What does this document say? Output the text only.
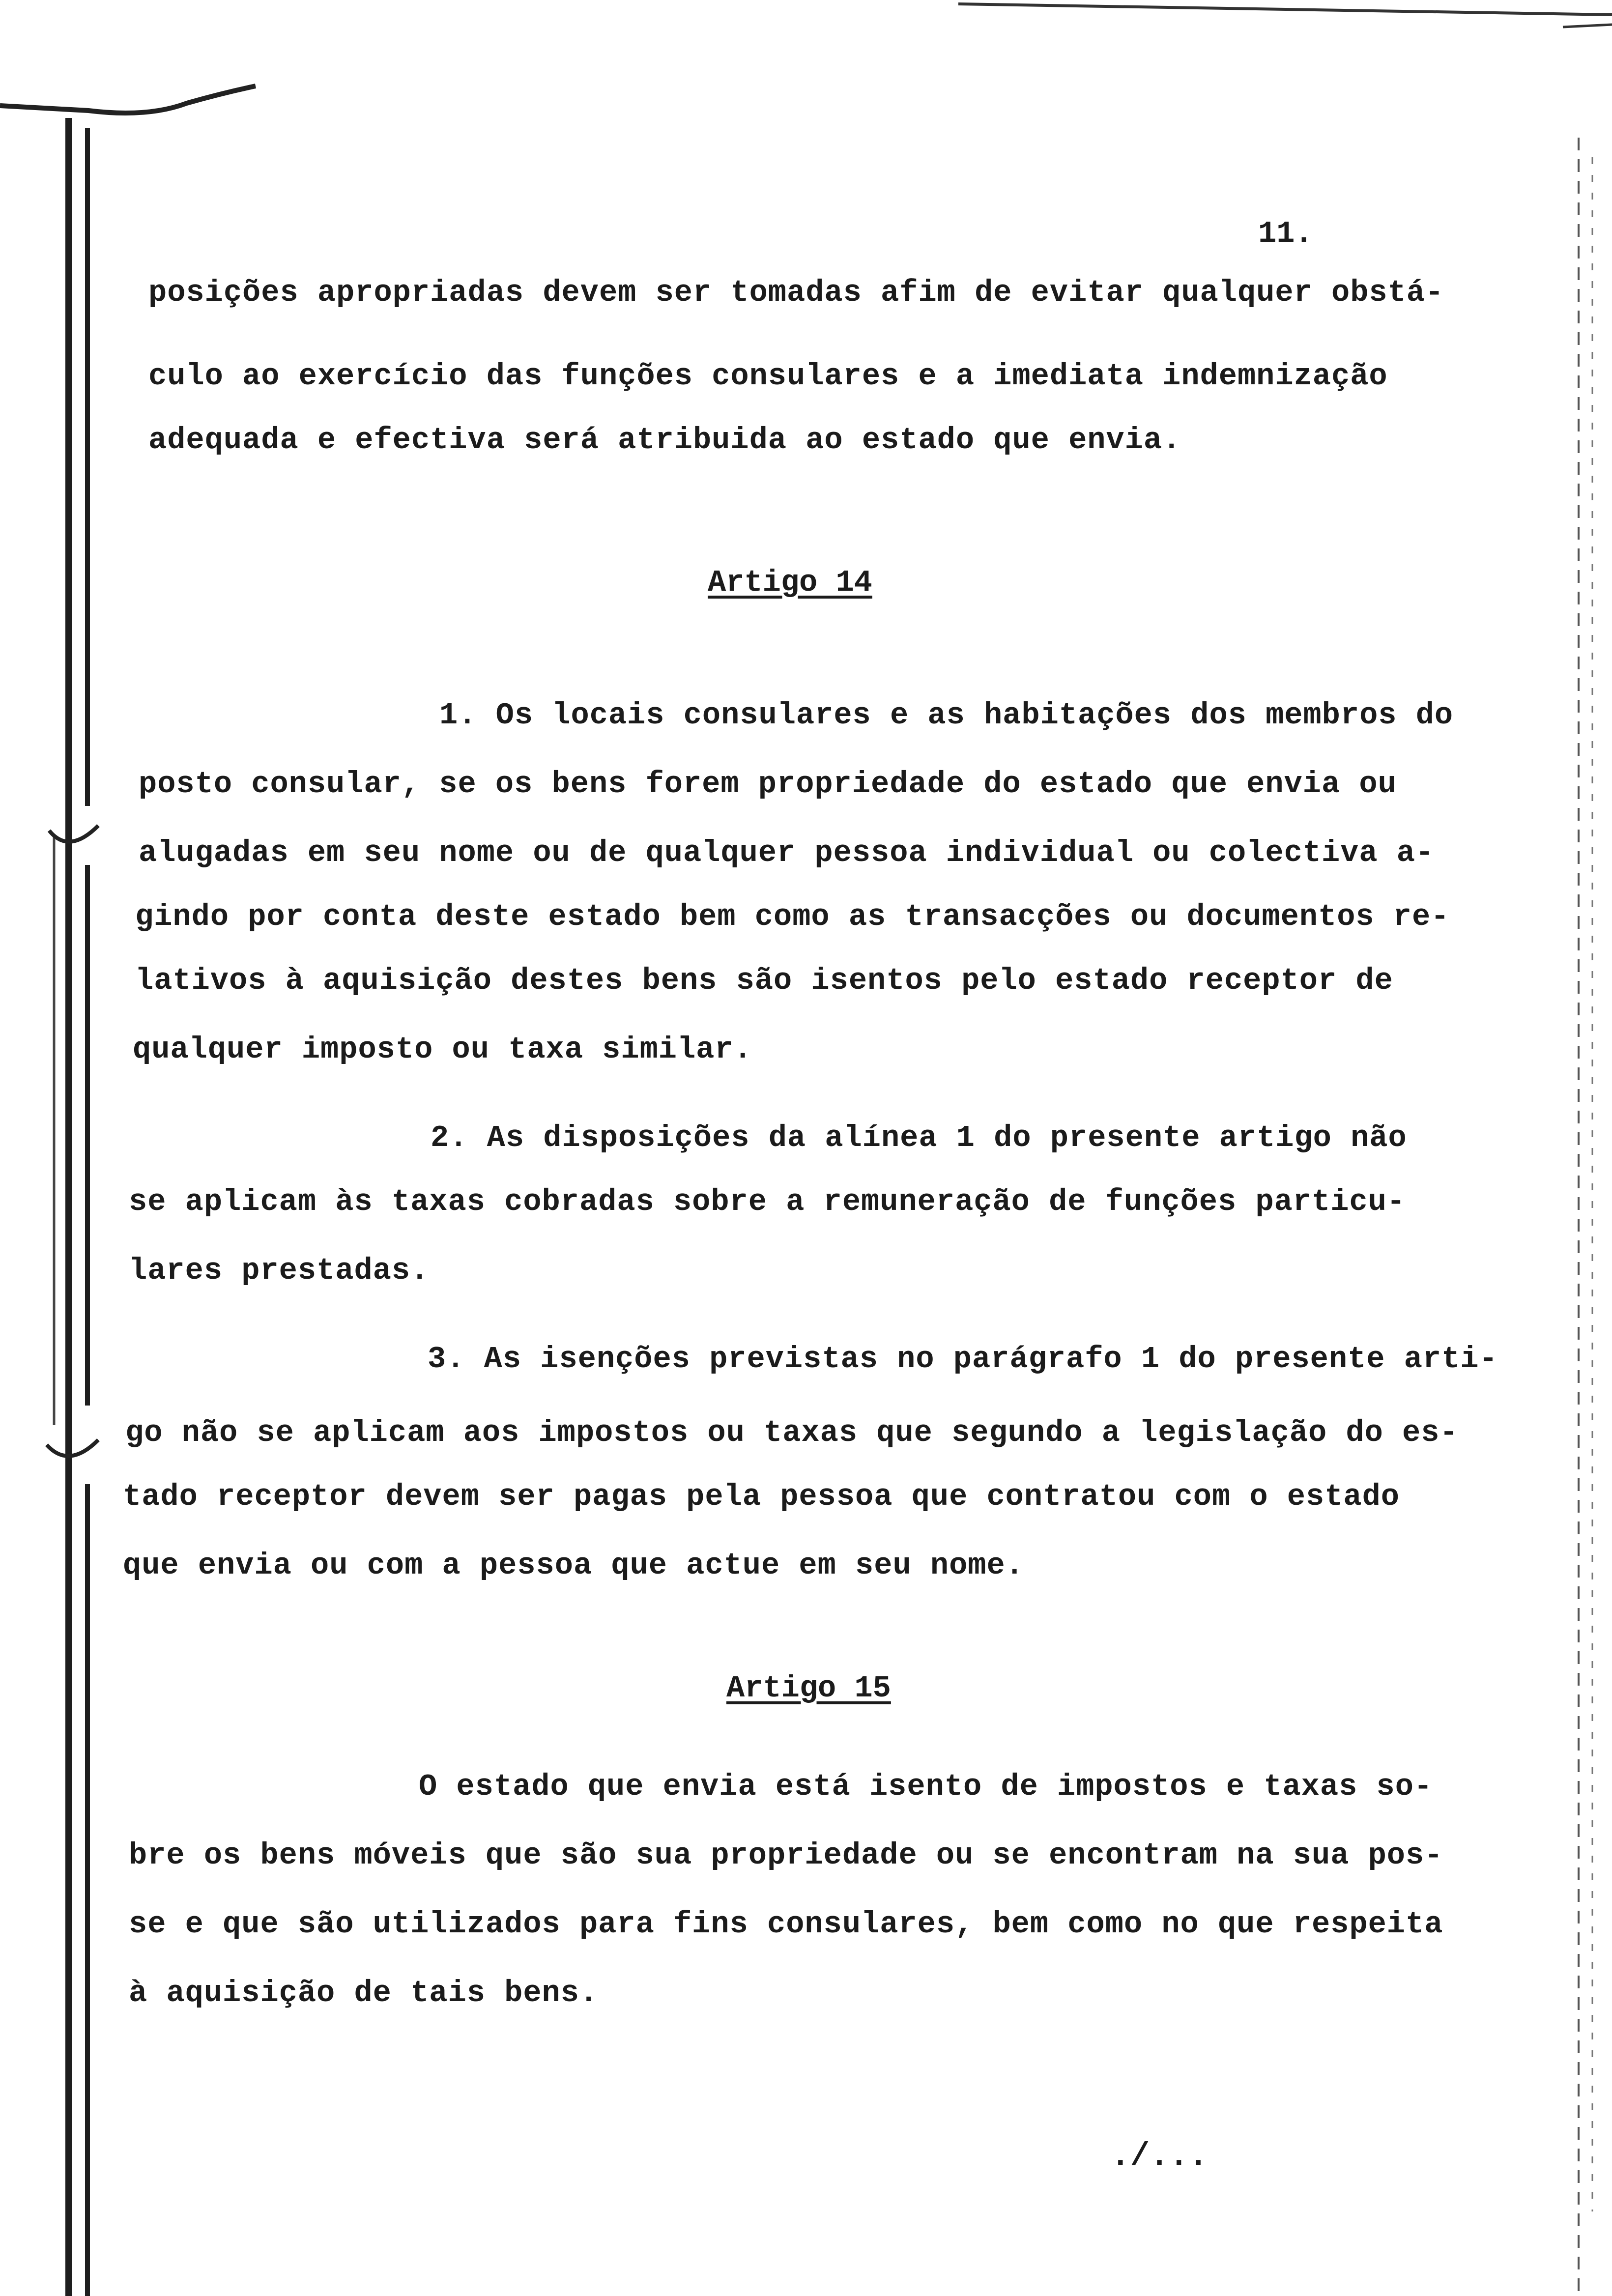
11.
posições apropriadas devem ser tomadas afim de evitar qualquer obstá-
culo ao exercício das funções consulares e a imediata indemnização
adequada e efectiva será atribuida ao estado que envia.
Artigo 14
1. Os locais consulares e as habitações dos membros do
posto consular, se os bens forem propriedade do estado que envia ou
alugadas em seu nome ou de qualquer pessoa individual ou colectiva a-
gindo por conta deste estado bem como as transacções ou documentos re-
lativos à aquisição destes bens são isentos pelo estado receptor de
qualquer imposto ou taxa similar.
2. As disposições da alínea 1 do presente artigo não
se aplicam às taxas cobradas sobre a remuneração de funções particu-
lares prestadas.
3. As isenções previstas no parágrafo 1 do presente arti-
go não se aplicam aos impostos ou taxas que segundo a legislação do es-
tado receptor devem ser pagas pela pessoa que contratou com o estado
que envia ou com a pessoa que actue em seu nome.
Artigo 15
O estado que envia está isento de impostos e taxas so-
bre os bens móveis que são sua propriedade ou se encontram na sua pos-
se e que são utilizados para fins consulares, bem como no que respeita
à aquisição de tais bens.
./...
